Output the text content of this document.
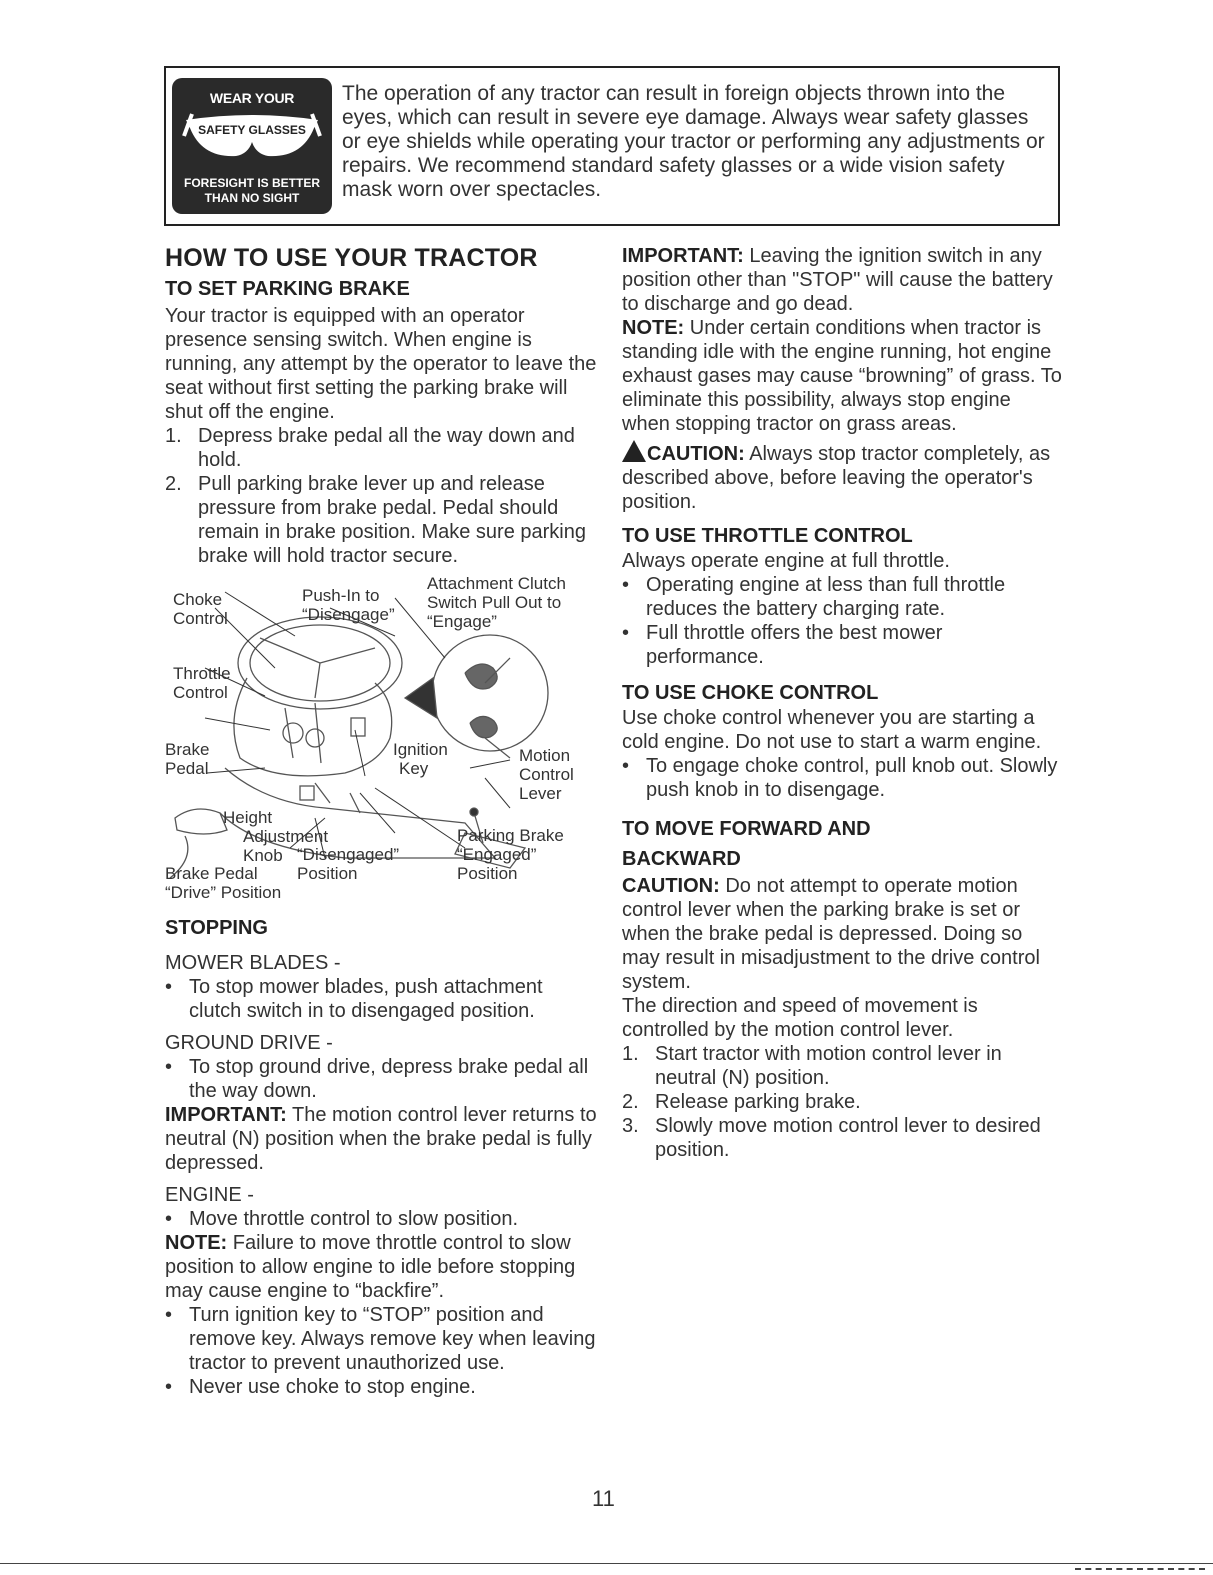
WEAR YOUR
SAFETY GLASSES
FORESIGHT IS BETTER
THAN NO SIGHT
The operation of any tractor can result in foreign objects thrown into the eyes, which can result in severe eye damage. Always wear safety glasses or eye shields while operating your tractor or performing any adjustments or repairs. We recommend standard safety glasses or a wide vision safety mask worn over spectacles.
HOW TO USE YOUR TRACTOR
TO SET PARKING BRAKE

Your tractor is equipped with an operator presence sensing switch. When engine is running, any attempt by the operator to leave the seat without first setting the parking brake will shut off the engine.

1. Depress brake pedal all the way down and hold.
2. Pull parking brake lever up and release pressure from brake pedal. Pedal should remain in brake position. Make sure parking brake will hold tractor secure.
Choke
Control
Push-In to
“Disengage”
Attachment Clutch
Switch Pull Out to
“Engage”
Throttle
Control
Brake
Pedal
Ignition
Key
Motion
Control
Lever
Height
Adjustment
Knob
Parking Brake
“Engaged”
Position
“Disengaged”
Position
Brake Pedal
“Drive” Position
STOPPING
MOWER BLADES -
• To stop mower blades, push attachment clutch switch in to disengaged position.
GROUND DRIVE -
• To stop ground drive, depress brake pedal all the way down.

IMPORTANT: The motion control lever returns to neutral (N) position when the brake pedal is fully depressed.

ENGINE -
• Move throttle control to slow position.

NOTE: Failure to move throttle control to slow position to allow engine to idle before stopping may cause engine to “backfire”.

• Turn ignition key to “STOP” position and remove key. Always remove key when leaving tractor to prevent unauthorized use.
• Never use choke to stop engine.

IMPORTANT: Leaving the ignition switch in any position other than "STOP" will cause the battery to discharge and go dead.

NOTE: Under certain conditions when tractor is standing idle with the engine running, hot engine exhaust gases may cause “browning” of grass. To eliminate this possibility, always stop engine when stopping tractor on grass areas.

CAUTION: Always stop tractor completely, as described above, before leaving the operator's position.

TO USE THROTTLE CONTROL

Always operate engine at full throttle.

• Operating engine at less than full throttle reduces the battery charging rate.
• Full throttle offers the best mower performance.
TO USE CHOKE CONTROL

Use choke control whenever you are starting a cold engine. Do not use to start a warm engine.

• To engage choke control, pull knob out. Slowly push knob in to disengage.
TO MOVE FORWARD AND
BACKWARD

CAUTION: Do not attempt to operate motion control lever when the parking brake is set or when the brake pedal is depressed. Doing so may result in misadjustment to the drive control system.

The direction and speed of movement is controlled by the motion control lever.

1. Start tractor with motion control lever in neutral (N) position.
2. Release parking brake.
3. Slowly move motion control lever to desired position.
11
